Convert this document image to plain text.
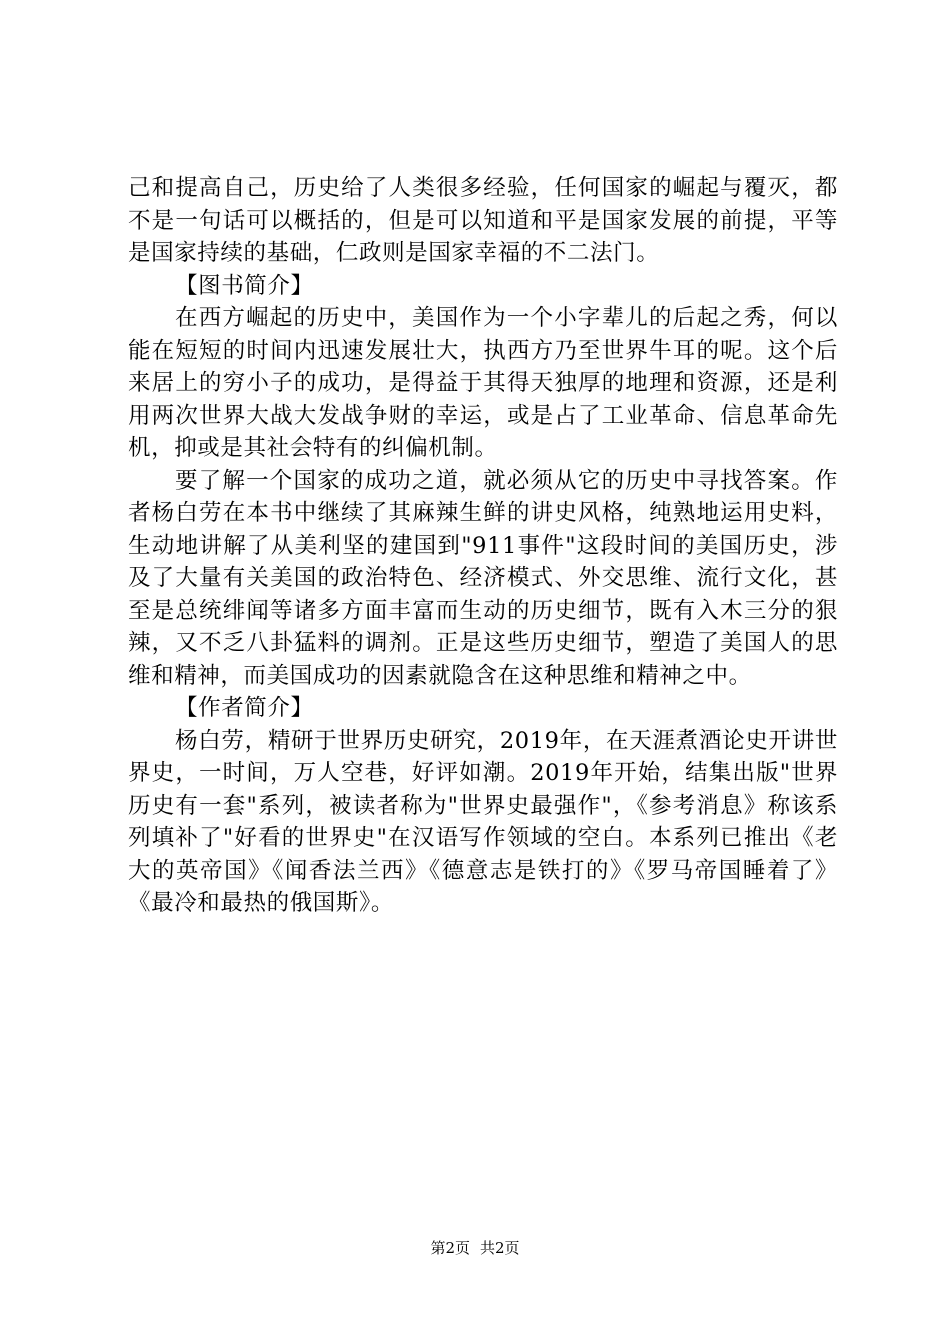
己和提高自己，历史给了人类很多经验，任何国家的崛起与覆灭，都不是一句话可以概括的，但是可以知道和平是国家发展的前提，平等是国家持续的基础，仁政则是国家幸福的不二法门。

【图书简介】

在西方崛起的历史中，美国作为一个小字辈儿的后起之秀，何以能在短短的时间内迅速发展壮大，执西方乃至世界牛耳的呢。这个后来居上的穷小子的成功，是得益于其得天独厚的地理和资源，还是利用两次世界大战大发战争财的幸运，或是占了工业革命、信息革命先机，抑或是其社会特有的纠偏机制。

要了解一个国家的成功之道，就必须从它的历史中寻找答案。作者杨白劳在本书中继续了其麻辣生鲜的讲史风格，纯熟地运用史料，生动地讲解了从美利坚的建国到"911事件"这段时间的美国历史，涉及了大量有关美国的政治特色、经济模式、外交思维、流行文化，甚至是总统绯闻等诸多方面丰富而生动的历史细节，既有入木三分的狠辣，又不乏八卦猛料的调剂。正是这些历史细节，塑造了美国人的思维和精神，而美国成功的因素就隐含在这种思维和精神之中。

【作者简介】

杨白劳，精研于世界历史研究，2019年，在天涯煮酒论史开讲世界史，一时间，万人空巷，好评如潮。2019年开始，结集出版"世界历史有一套"系列，被读者称为"世界史最强作"，《参考消息》称该系列填补了"好看的世界史"在汉语写作领域的空白。本系列已推出《老大的英帝国》《闻香法兰西》《德意志是铁打的》《罗马帝国睡着了》《最冷和最热的俄国斯》。

第2页 共2页
